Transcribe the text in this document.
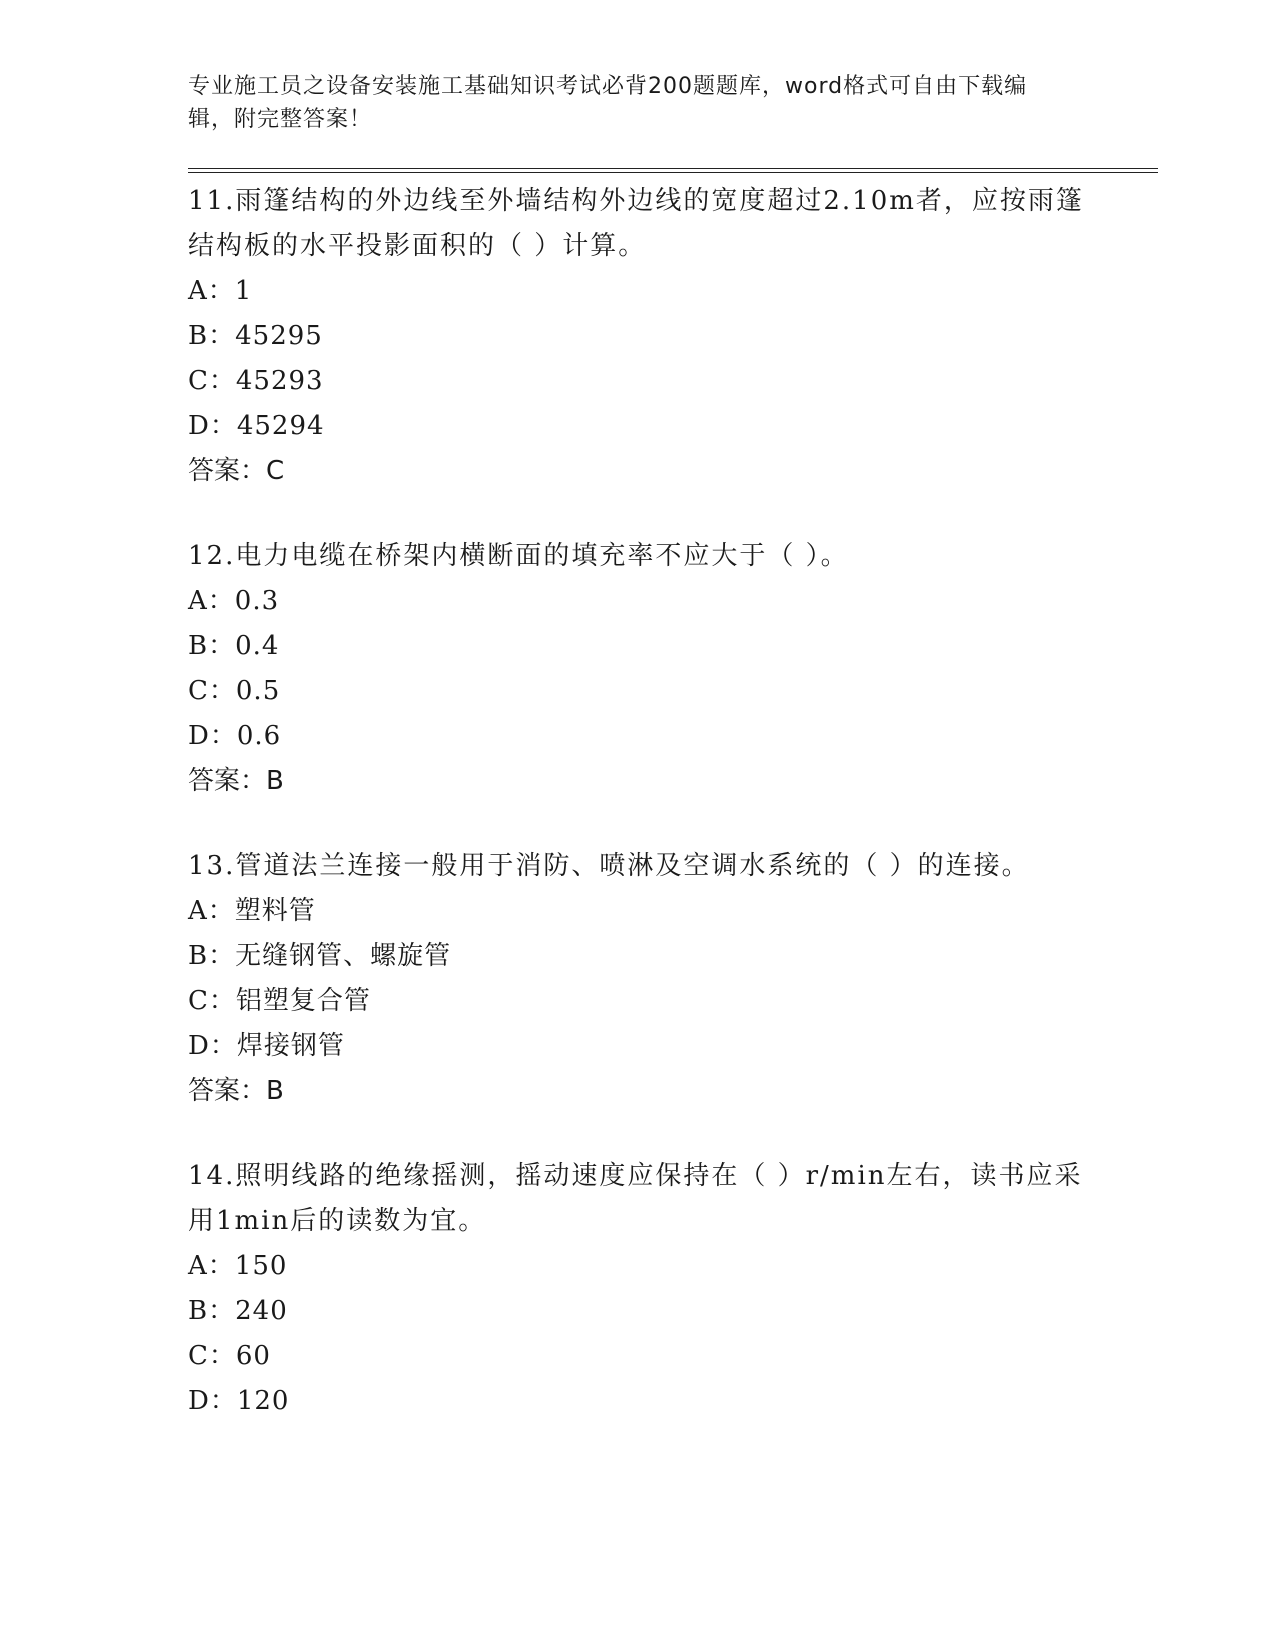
专业施工员之设备安装施工基础知识考试必背200题题库，word格式可自由下载编辑，附完整答案！
11.雨篷结构的外边线至外墙结构外边线的宽度超过2.10m者，应按雨篷结构板的水平投影面积的（ ）计算。
A：1
B：45295
C：45293
D：45294
答案：C
12.电力电缆在桥架内横断面的填充率不应大于（ ）。
A：0.3
B：0.4
C：0.5
D：0.6
答案：B
13.管道法兰连接一般用于消防、喷淋及空调水系统的（ ）的连接。
A：塑料管
B：无缝钢管、螺旋管
C：铝塑复合管
D：焊接钢管
答案：B
14.照明线路的绝缘摇测，摇动速度应保持在（ ）r/min左右，读书应采用1min后的读数为宜。
A：150
B：240
C：60
D：120
